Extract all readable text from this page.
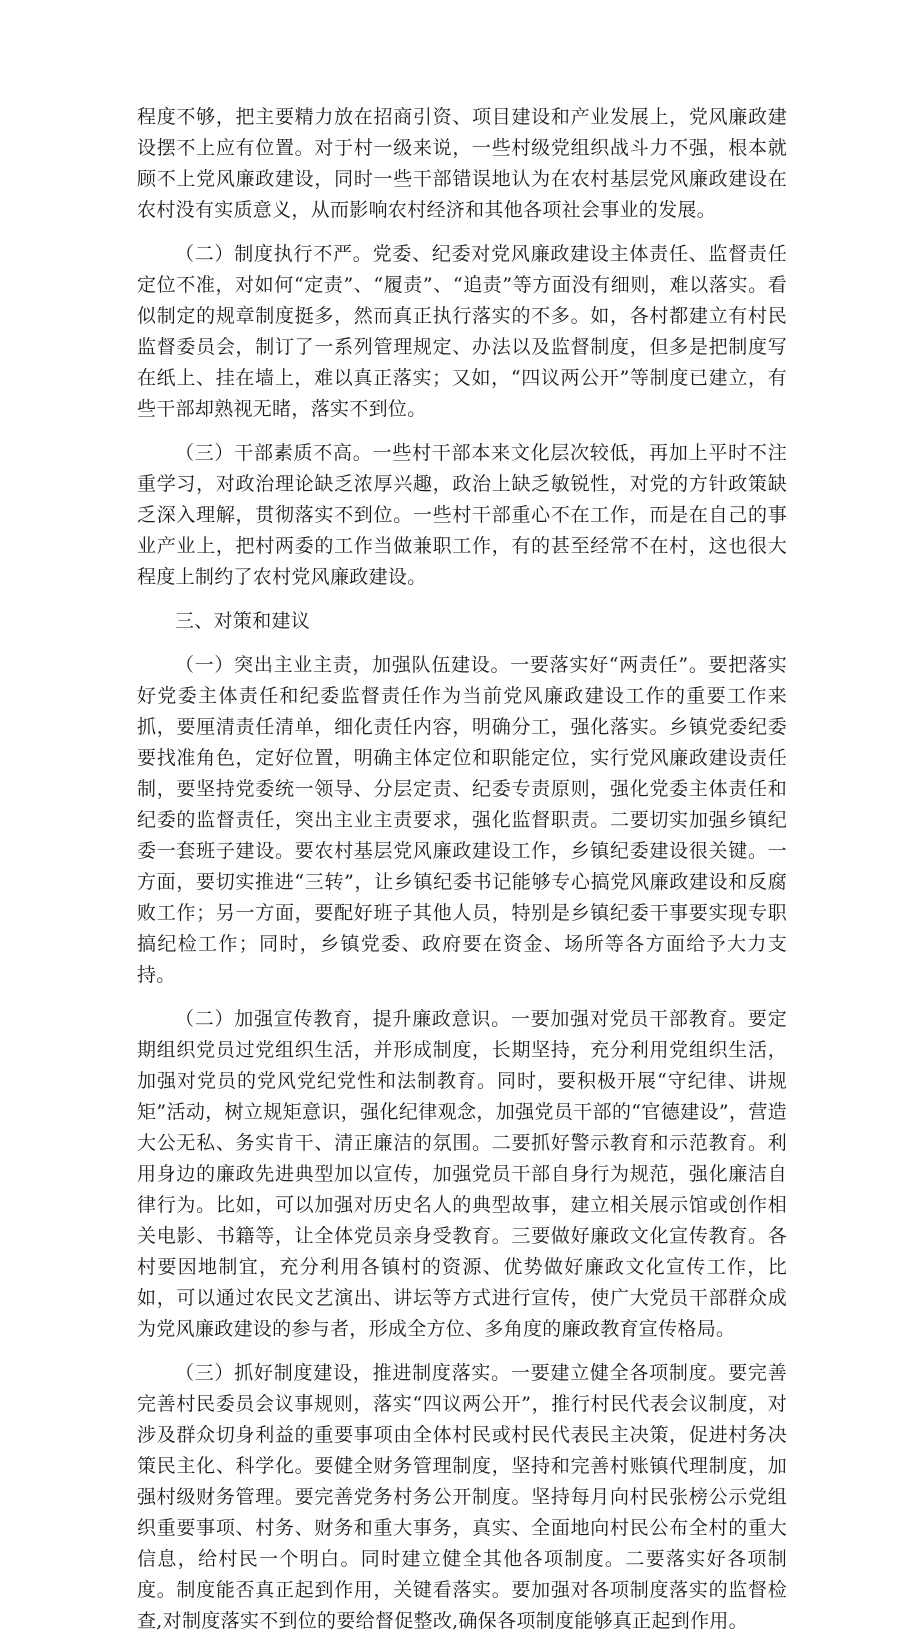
程度不够，把主要精力放在招商引资、项目建设和产业发展上，党风廉政建设摆不上应有位置。对于村一级来说，一些村级党组织战斗力不强，根本就顾不上党风廉政建设，同时一些干部错误地认为在农村基层党风廉政建设在农村没有实质意义，从而影响农村经济和其他各项社会事业的发展。

（二）制度执行不严。党委、纪委对党风廉政建设主体责任、监督责任定位不准，对如何“定责”、“履责”、“追责”等方面没有细则，难以落实。看似制定的规章制度挺多，然而真正执行落实的不多。如，各村都建立有村民监督委员会，制订了一系列管理规定、办法以及监督制度，但多是把制度写在纸上、挂在墙上，难以真正落实；又如，“四议两公开”等制度已建立，有些干部却熟视无睹，落实不到位。

（三）干部素质不高。一些村干部本来文化层次较低，再加上平时不注重学习，对政治理论缺乏浓厚兴趣，政治上缺乏敏锐性，对党的方针政策缺乏深入理解，贯彻落实不到位。一些村干部重心不在工作，而是在自己的事业产业上，把村两委的工作当做兼职工作，有的甚至经常不在村，这也很大程度上制约了农村党风廉政建设。

三、对策和建议

（一）突出主业主责，加强队伍建设。一要落实好“两责任”。要把落实好党委主体责任和纪委监督责任作为当前党风廉政建设工作的重要工作来抓，要厘清责任清单，细化责任内容，明确分工，强化落实。乡镇党委纪委要找准角色，定好位置，明确主体定位和职能定位，实行党风廉政建设责任制，要坚持党委统一领导、分层定责、纪委专责原则，强化党委主体责任和纪委的监督责任，突出主业主责要求，强化监督职责。二要切实加强乡镇纪委一套班子建设。要农村基层党风廉政建设工作，乡镇纪委建设很关键。一方面，要切实推进“三转”，让乡镇纪委书记能够专心搞党风廉政建设和反腐败工作；另一方面，要配好班子其他人员，特别是乡镇纪委干事要实现专职搞纪检工作；同时，乡镇党委、政府要在资金、场所等各方面给予大力支持。

（二）加强宣传教育，提升廉政意识。一要加强对党员干部教育。要定期组织党员过党组织生活，并形成制度，长期坚持，充分利用党组织生活，加强对党员的党风党纪党性和法制教育。同时，要积极开展“守纪律、讲规矩”活动，树立规矩意识，强化纪律观念，加强党员干部的“官德建设”，营造大公无私、务实肯干、清正廉洁的氛围。二要抓好警示教育和示范教育。利用身边的廉政先进典型加以宣传，加强党员干部自身行为规范，强化廉洁自律行为。比如，可以加强对历史名人的典型故事，建立相关展示馆或创作相关电影、书籍等，让全体党员亲身受教育。三要做好廉政文化宣传教育。各村要因地制宜，充分利用各镇村的资源、优势做好廉政文化宣传工作，比如，可以通过农民文艺演出、讲坛等方式进行宣传，使广大党员干部群众成为党风廉政建设的参与者，形成全方位、多角度的廉政教育宣传格局。

（三）抓好制度建设，推进制度落实。一要建立健全各项制度。要完善完善村民委员会议事规则，落实“四议两公开”，推行村民代表会议制度，对涉及群众切身利益的重要事项由全体村民或村民代表民主决策，促进村务决策民主化、科学化。要健全财务管理制度，坚持和完善村账镇代理制度，加强村级财务管理。要完善党务村务公开制度。坚持每月向村民张榜公示党组织重要事项、村务、财务和重大事务，真实、全面地向村民公布全村的重大信息，给村民一个明白。同时建立健全其他各项制度。二要落实好各项制度。制度能否真正起到作用，关键看落实。要加强对各项制度落实的监督检查,对制度落实不到位的要给督促整改,确保各项制度能够真正起到作用。
